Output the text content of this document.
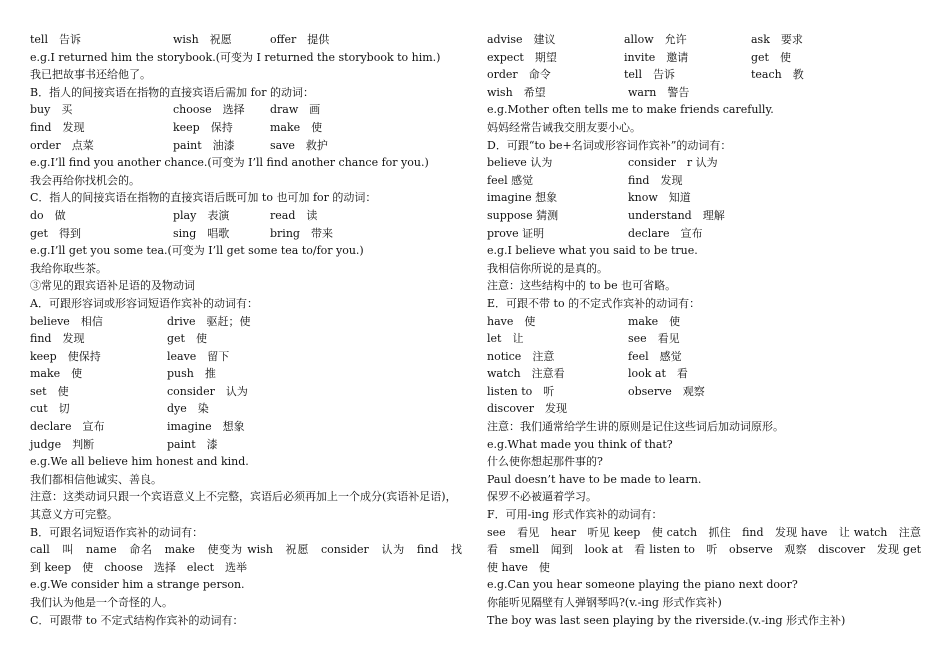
tell　告诉	wish　祝愿	offer　提供
e.g.I returned him the storybook.(可变为 I returned the storybook to him.)
我已把故事书还给他了。
B．指人的间接宾语在指物的直接宾语后需加 for 的动词：
buy　买	choose　选择 draw　画
find　发现	keep　保持	make　使
order　点菜	paint　油漆	save　救护
e.g.I’ll find you another chance.(可变为 I’ll find another chance for you.)
我会再给你找机会的。
C．指人的间接宾语在指物的直接宾语后既可加 to 也可加 for 的动词：
do　做	play　表演	read　读
get　得到	sing　唱歌	bring　带来
e.g.I’ll get you some tea.(可变为 I’ll get some tea to/for you.)
我给你取些茶。
③常见的跟宾语补足语的及物动词
A．可跟形容词或形容词短语作宾补的动词有：
believe　相信	drive　驱赶；使
find　发现	get　使
keep　使保持	leave　留下
make　使	push　推
set　使	consider　认为
cut　切	dye　染
declare　宣布	imagine　想象
judge　判断	paint　漆
e.g.We all believe him honest and kind.
我们都相信他诚实、善良。
注意：这类动词只跟一个宾语意义上不完整，宾语后必须再加上一个成分(宾语补足语)，其意义方可完整。
B．可跟名词短语作宾补的动词有：
call　叫　name　命名　make　使变为 wish　祝愿　consider　认为　find　找
到 keep　使　choose　选择　elect　选举
e.g.We consider him a strange person.
我们认为他是一个奇怪的人。
C．可跟带 to 不定式结构作宾补的动词有：
advise　建议	allow　允许	ask　要求
expect　期望	invite　邀请	get　使
order　命令	tell　告诉	teach　教
wish　希望	warn　警告
e.g.Mother often tells me to make friends carefully.
妈妈经常告诫我交朋友要小心。
D．可跟“to be+名词或形容词作宾补”的动词有：
believe 认为	consider　r 认为
feel 感觉	find　发现
imagine 想象	know　知道
suppose 猜测	understand　理解
prove 证明	declare　宣布
e.g.I believe what you said to be true.
我相信你所说的是真的。
注意：这些结构中的 to be 也可省略。
E．可跟不带 to 的不定式作宾补的动词有：
have　使	make　使
let　让	see　看见
notice　注意	feel　感觉
watch　注意看	look at　看
listen to　听	observe　观察
discover　发现
注意：我们通常给学生讲的原则是记住这些词后加动词原形。
e.g.What made you think of that?
什么使你想起那件事的?
Paul doesn’t have to be made to learn.
保罗不必被逼着学习。
F．可用-ing 形式作宾补的动词有：
see　看见　hear　听见 keep　使 catch　抓住　find　发现 have　让 watch　注意
看　smell　闻到　look at　看 listen to　听　observe　观察　discover　发现 get
使 have　使
e.g.Can you hear someone playing the piano next door?
你能听见隔壁有人弹钢琴吗?(v.-ing 形式作宾补)
The boy was last seen playing by the riverside.(v.-ing 形式作主补)
